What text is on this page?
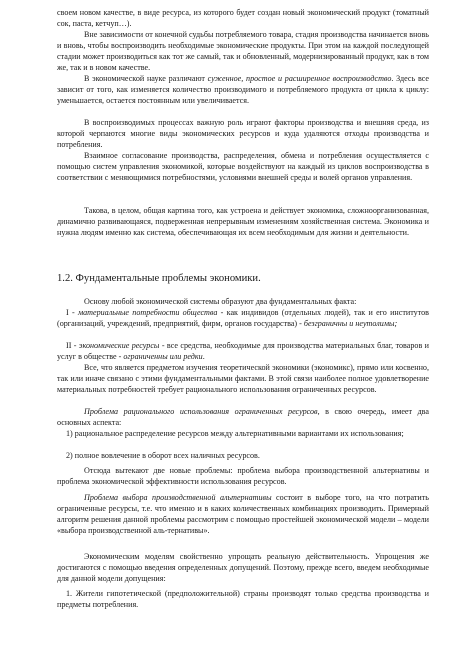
своем новом качестве, в виде ресурса, из которого будет создан новый экономический продукт (томатный сок, паста, кетчуп…).

Вне зависимости от конечной судьбы потребляемого товара, стадия производства начинается вновь и вновь, чтобы воспроизводить необходимые экономические продукты. При этом на каждой последующей стадии может производиться как тот же самый, так и обновленный, модернизированный продукт, как в том же, так и в новом качестве.

В экономической науке различают суженное, простое и расширенное воспроизводство. Здесь все зависит от того, как изменяется количество производимого и потребляемого продукта от цикла к циклу: уменьшается, остается постоянным или увеличивается.

В воспроизводимых процессах важную роль играют факторы производства и внешняя среда, из которой черпаются многие виды экономических ресурсов и куда удаляются отходы производства и потребления.

Взаимное согласование производства, распределения, обмена и потребления осуществляется с помощью систем управления экономикой, которые воздействуют на каждый из циклов воспроизводства в соответствии с меняющимися потребностями, условиями внешней среды и волей органов управления.

Такова, в целом, общая картина того, как устроена и действует экономика, сложноорганизованная, динамично развивающаяся, подверженная непрерывным изменениям хозяйственная система. Экономика и нужна людям именно как система, обеспечивающая их всем необходимым для жизни и деятельности.

1.2. Фундаментальные проблемы экономики.

Основу любой экономической системы образуют два фундаментальных факта:

I - материальные потребности общества - как индивидов (отдельных людей), так и его институтов (организаций, учреждений, предприятий, фирм, органов государства) - безграничны и неутолимы;

II - экономические ресурсы - все средства, необходимые для производства материальных благ, товаров и услуг в обществе - ограниченны или редки.

Все, что является предметом изучения теоретической экономики (экономикс), прямо или косвенно, так или иначе связано с этими фундаментальными фактами. В этой связи наиболее полное удовлетворение материальных потребностей требует рационального использования ограниченных ресурсов.

Проблема рационального использования ограниченных ресурсов, в свою очередь, имеет два основных аспекта:

1) рациональное распределение ресурсов между альтернативными вариантами их использования;

2) полное вовлечение в оборот всех наличных ресурсов.

Отсюда вытекают две новые проблемы: проблема выбора производственной альтернативы и проблема экономической эффективности использования ресурсов.

Проблема выбора производственной альтернативы состоит в выборе того, на что потратить ограниченные ресурсы, т.е. что именно и в каких количественных комбинациях производить. Примерный алгоритм решения данной проблемы рассмотрим с помощью простейшей экономической модели – модели «выбора производственной аль-тернативы».

Экономическим моделям свойственно упрощать реальную действительность. Упрощения же достигаются с помощью введения определенных допущений. Поэтому, прежде всего, введем необходимые для данной модели допущения:

1. Жители гипотетической (предположительной) страны производят только средства производства и предметы потребления.
